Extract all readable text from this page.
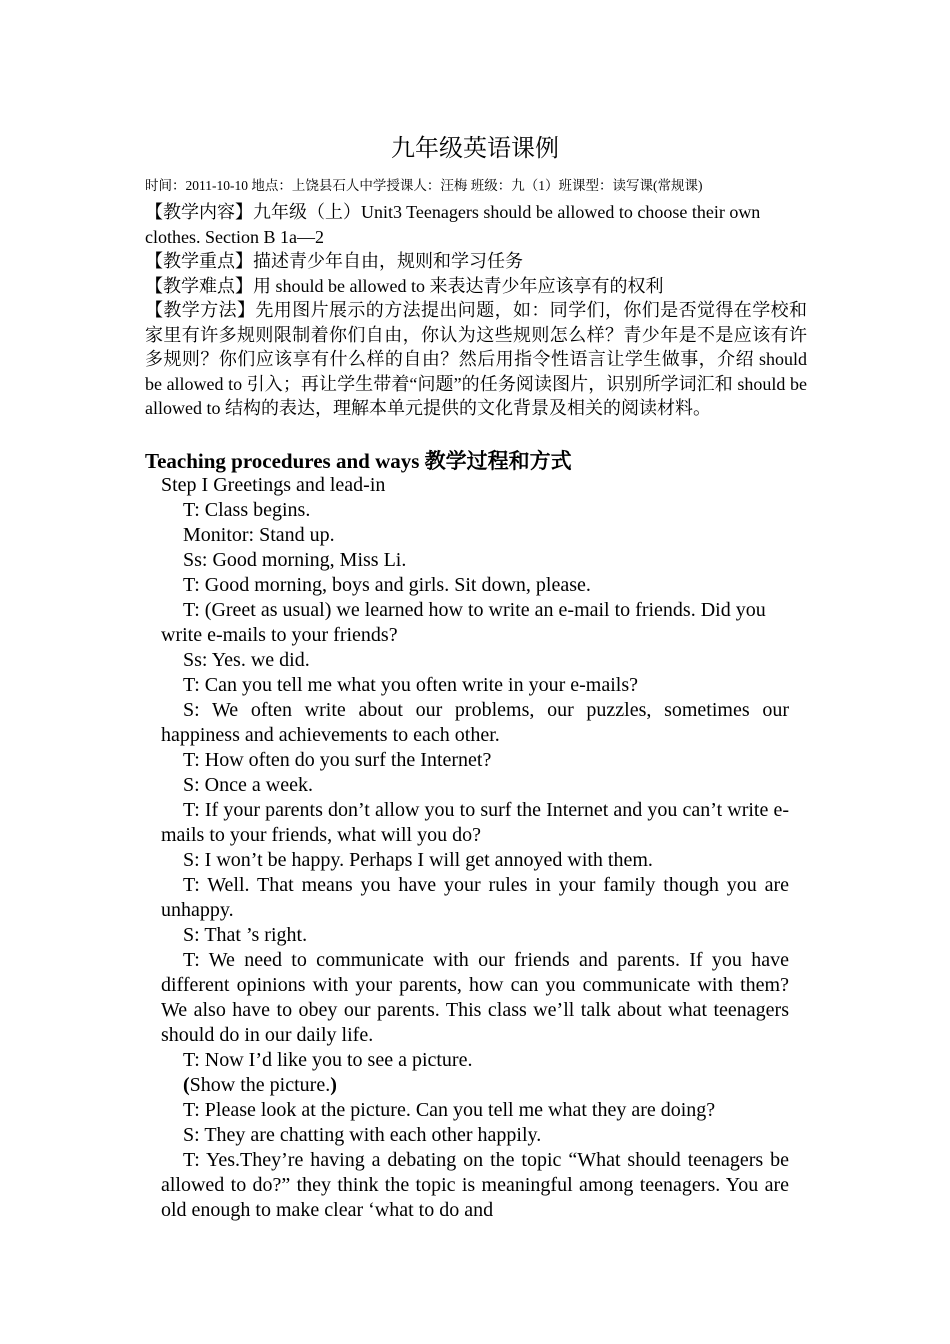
九年级英语课例
时间：2011-10-10 地点：上饶县石人中学授课人：汪梅 班级：九（1）班课型：读写课(常规课)

【教学内容】九年级（上）Unit3 Teenagers should be allowed to choose their own clothes. Section B 1a—2

【教学重点】描述青少年自由，规则和学习任务

【教学难点】用 should be allowed to 来表达青少年应该享有的权利

【教学方法】先用图片展示的方法提出问题，如：同学们，你们是否觉得在学校和家里有许多规则限制着你们自由，你认为这些规则怎么样？青少年是不是应该有许多规则？你们应该享有什么样的自由？然后用指令性语言让学生做事，介绍 should be allowed to 引入；再让学生带着“问题”的任务阅读图片，识别所学词汇和 should be allowed to 结构的表达，理解本单元提供的文化背景及相关的阅读材料。

Teaching procedures and ways 教学过程和方式

Step I Greetings and lead-in

T: Class begins.

Monitor: Stand up.

Ss: Good morning, Miss Li.

T: Good morning, boys and girls. Sit down, please.

T: (Greet as usual) we learned how to write an e-mail to friends. Did you write e-mails to your friends?

Ss: Yes. we did.

T: Can you tell me what you often write in your e-mails?

S: We often write about our problems, our puzzles, sometimes our happiness and achievements to each other.

T: How often do you surf the Internet?

S: Once a week.

T: If your parents don’t allow you to surf the Internet and you can’t write e-mails to your friends, what will you do?

S: I won’t be happy. Perhaps I will get annoyed with them.

T: Well. That means you have your rules in your family though you are unhappy.

S: That ’s right.

T: We need to communicate with our friends and parents. If you have different opinions with your parents, how can you communicate with them? We also have to obey our parents. This class we’ll talk about what teenagers should do in our daily life.

T: Now I’d like you to see a picture.

(Show the picture.)

T: Please look at the picture. Can you tell me what they are doing?

S: They are chatting with each other happily.

T: Yes.They’re having a debating on the topic “What should teenagers be allowed to do?” they think the topic is meaningful among teenagers. You are old enough to make clear ‘what to do and
